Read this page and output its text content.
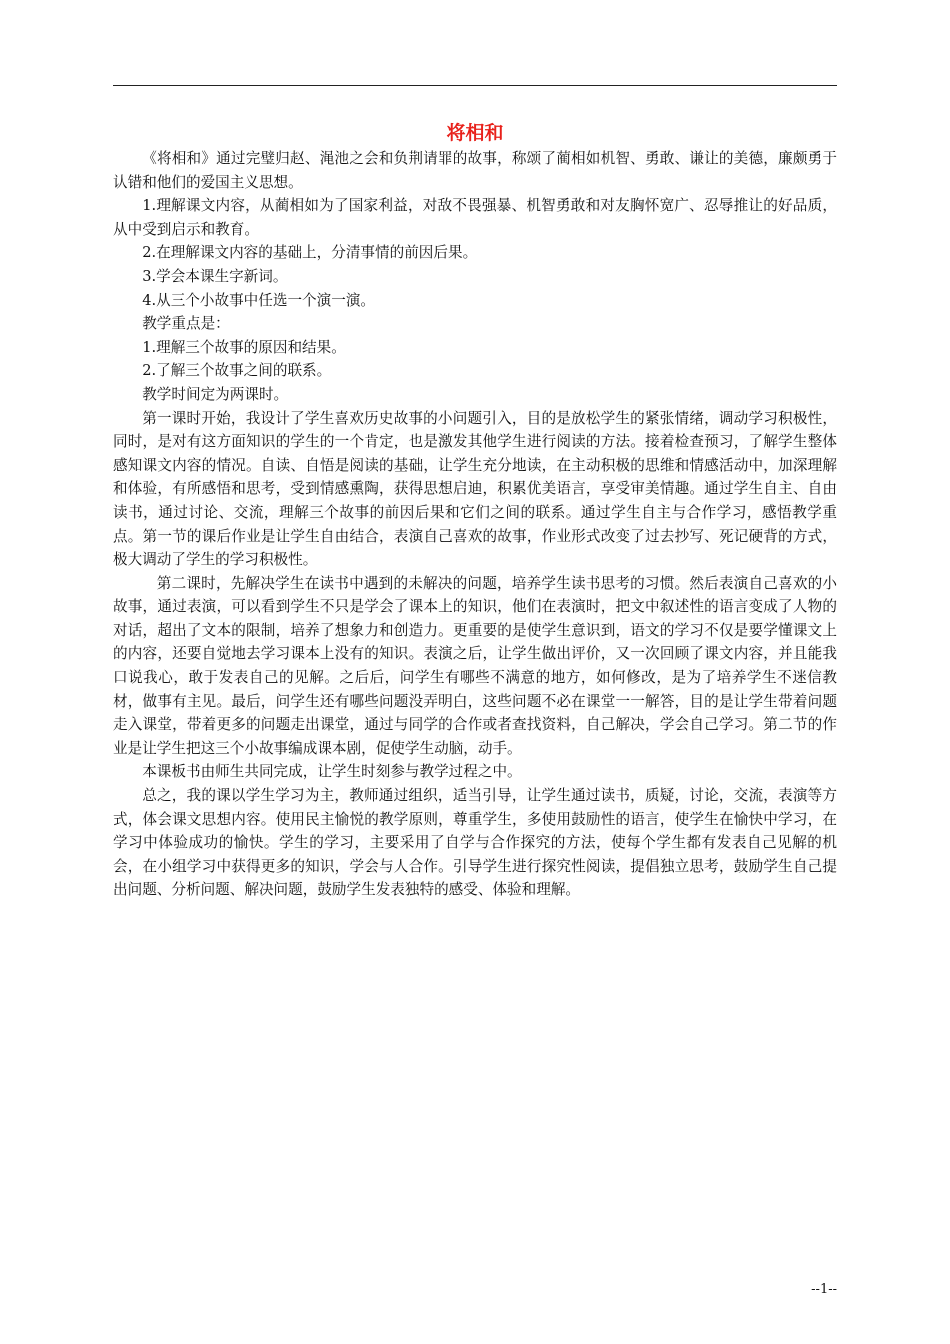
将相和

《将相和》通过完璧归赵、渑池之会和负荆请罪的故事，称颂了蔺相如机智、勇敢、谦让的美德，廉颇勇于认错和他们的爱国主义思想。

1.理解课文内容，从蔺相如为了国家利益，对敌不畏强暴、机智勇敢和对友胸怀宽广、忍辱推让的好品质，从中受到启示和教育。

2.在理解课文内容的基础上，分清事情的前因后果。

3.学会本课生字新词。

4.从三个小故事中任选一个演一演。

教学重点是：

1.理解三个故事的原因和结果。

2.了解三个故事之间的联系。

教学时间定为两课时。

第一课时开始，我设计了学生喜欢历史故事的小问题引入，目的是放松学生的紧张情绪，调动学习积极性，同时，是对有这方面知识的学生的一个肯定，也是激发其他学生进行阅读的方法。接着检查预习，了解学生整体感知课文内容的情况。自读、自悟是阅读的基础，让学生充分地读，在主动积极的思维和情感活动中，加深理解和体验，有所感悟和思考，受到情感熏陶，获得思想启迪，积累优美语言，享受审美情趣。通过学生自主、自由读书，通过讨论、交流，理解三个故事的前因后果和它们之间的联系。通过学生自主与合作学习，感悟教学重点。第一节的课后作业是让学生自由结合，表演自己喜欢的故事，作业形式改变了过去抄写、死记硬背的方式，极大调动了学生的学习积极性。

第二课时，先解决学生在读书中遇到的未解决的问题，培养学生读书思考的习惯。然后表演自己喜欢的小故事，通过表演，可以看到学生不只是学会了课本上的知识，他们在表演时，把文中叙述性的语言变成了人物的对话，超出了文本的限制，培养了想象力和创造力。更重要的是使学生意识到，语文的学习不仅是要学懂课文上的内容，还要自觉地去学习课本上没有的知识。表演之后，让学生做出评价，又一次回顾了课文内容，并且能我口说我心，敢于发表自己的见解。之后后，问学生有哪些不满意的地方，如何修改，是为了培养学生不迷信教材，做事有主见。最后，问学生还有哪些问题没弄明白，这些问题不必在课堂一一解答，目的是让学生带着问题走入课堂，带着更多的问题走出课堂，通过与同学的合作或者查找资料，自己解决，学会自己学习。第二节的作业是让学生把这三个小故事编成课本剧，促使学生动脑，动手。

本课板书由师生共同完成，让学生时刻参与教学过程之中。

总之，我的课以学生学习为主，教师通过组织，适当引导，让学生通过读书，质疑，讨论，交流，表演等方式，体会课文思想内容。使用民主愉悦的教学原则，尊重学生，多使用鼓励性的语言，使学生在愉快中学习，在学习中体验成功的愉快。学生的学习，主要采用了自学与合作探究的方法，使每个学生都有发表自己见解的机会，在小组学习中获得更多的知识，学会与人合作。引导学生进行探究性阅读，提倡独立思考，鼓励学生自己提出问题、分析问题、解决问题，鼓励学生发表独特的感受、体验和理解。

--1--
